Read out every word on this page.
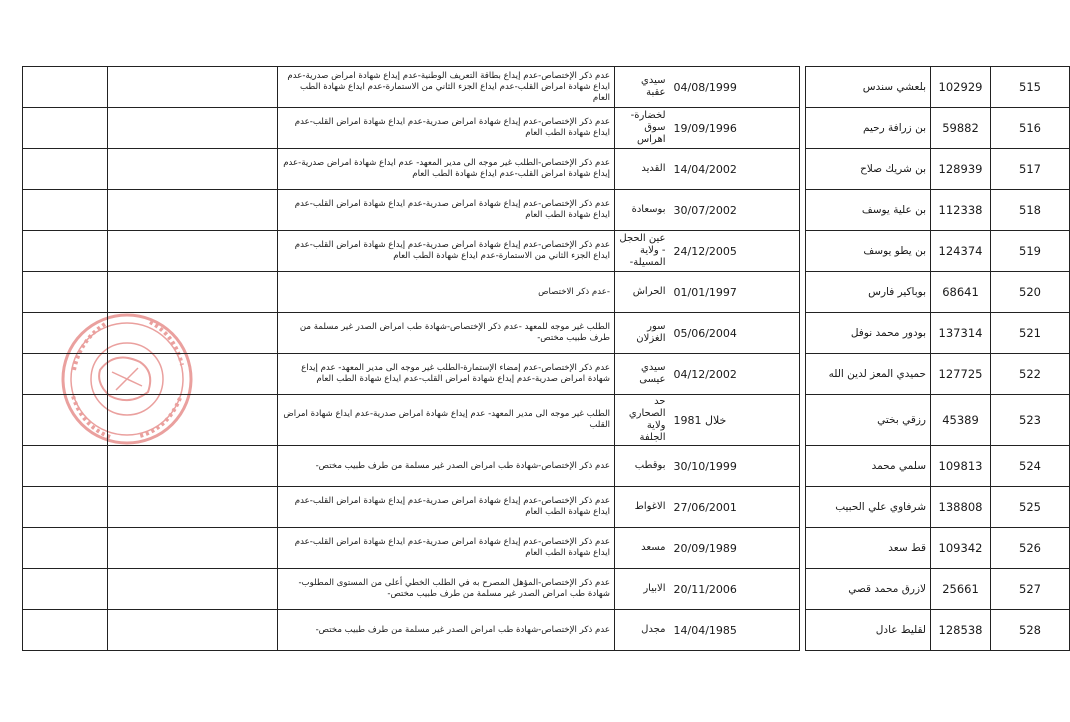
		عدم ذكر الإختصاص-عدم إيداع بطاقة التعريف الوطنية-عدم إيداع شهادة امراض صدرية-عدم ايداع شهادة امراض القلب-عدم ايداع الجزء الثاني من الاستمارة-عدم ايداع شهادة الطب العام	سيدي عقبة	04/08/1999		بلعشي سندس	102929	515
		عدم ذكر الإختصاص-عدم إيداع شهادة امراض صدرية-عدم ايداع شهادة امراض القلب-عدم ايداع شهادة الطب العام	لخضارة-سوق اهراس	19/09/1996		بن زرافة رحيم	59882	516
		عدم ذكر الإختصاص-الطلب غير موجه الى مدير المعهد- عدم ايداع شهادة امراض صدرية-عدم إيداع شهادة امراض القلب-عدم ايداع شهادة الطب العام	القديد	14/04/2002		بن شريك صلاح	128939	517
		عدم ذكر الإختصاص-عدم إيداع شهادة امراض صدرية-عدم ايداع شهادة امراض القلب-عدم ايداع شهادة الطب العام	بوسعادة	30/07/2002		بن علية يوسف	112338	518
		عدم ذكر الإختصاص-عدم إيداع شهادة امراض صدرية-عدم إيداع شهادة امراض القلب-عدم ايداع الجزء الثاني من الاستمارة-عدم ايداع شهادة الطب العام	عين الحجل - ولاية المسيلة-	24/12/2005		بن يطو يوسف	124374	519
		-عدم ذكر الاختصاص	الحراش	01/01/1997		بوباكير فارس	68641	520
		الطلب غير موجه للمعهد -عدم ذكر الإختصاص-شهادة طب امراض الصدر غير مسلمة من طرف طبيب مختص-	سور الغزلان	05/06/2004		بودور محمد نوفل	137314	521
		عدم ذكر الإختصاص-عدم إمضاء الإستمارة-الطلب غير موجه الى مدير المعهد- عدم إيداع شهادة امراض صدرية-عدم إيداع شهادة امراض القلب-عدم ايداع شهادة الطب العام	سيدي عيسى	04/12/2002		حميدي المعز لدين الله	127725	522
		الطلب غير موجه الى مدير المعهد- عدم إيداع شهادة امراض صدرية-عدم ايداع شهادة امراض القلب	حد الصحاري ولاية الجلفة	خلال 1981		رزقي بختي	45389	523
		عدم ذكر الإختصاص-شهادة طب امراض الصدر غير مسلمة من طرف طبيب مختص-	بوقطب	30/10/1999		سلمي محمد	109813	524
		عدم ذكر الإختصاص-عدم إيداع شهادة امراض صدرية-عدم إيداع شهادة امراض القلب-عدم ايداع شهادة الطب العام	الاغواط	27/06/2001		شرفاوي علي الحبيب	138808	525
		عدم ذكر الإختصاص-عدم إيداع شهادة امراض صدرية-عدم ايداع شهادة امراض القلب-عدم ايداع شهادة الطب العام	مسعد	20/09/1989		قط سعد	109342	526
		عدم ذكر الإختصاص-المؤهل المصرح به في الطلب الخطي أعلى من المستوى المطلوب-شهادة طب امراض الصدر غير مسلمة من طرف طبيب مختص-	الابيار	20/11/2006		لازرق محمد قصي	25661	527
		عدم ذكر الإختصاص-شهادة طب امراض الصدر غير مسلمة من طرف طبيب مختص-	مجدل	14/04/1985		لقليط عادل	128538	528
